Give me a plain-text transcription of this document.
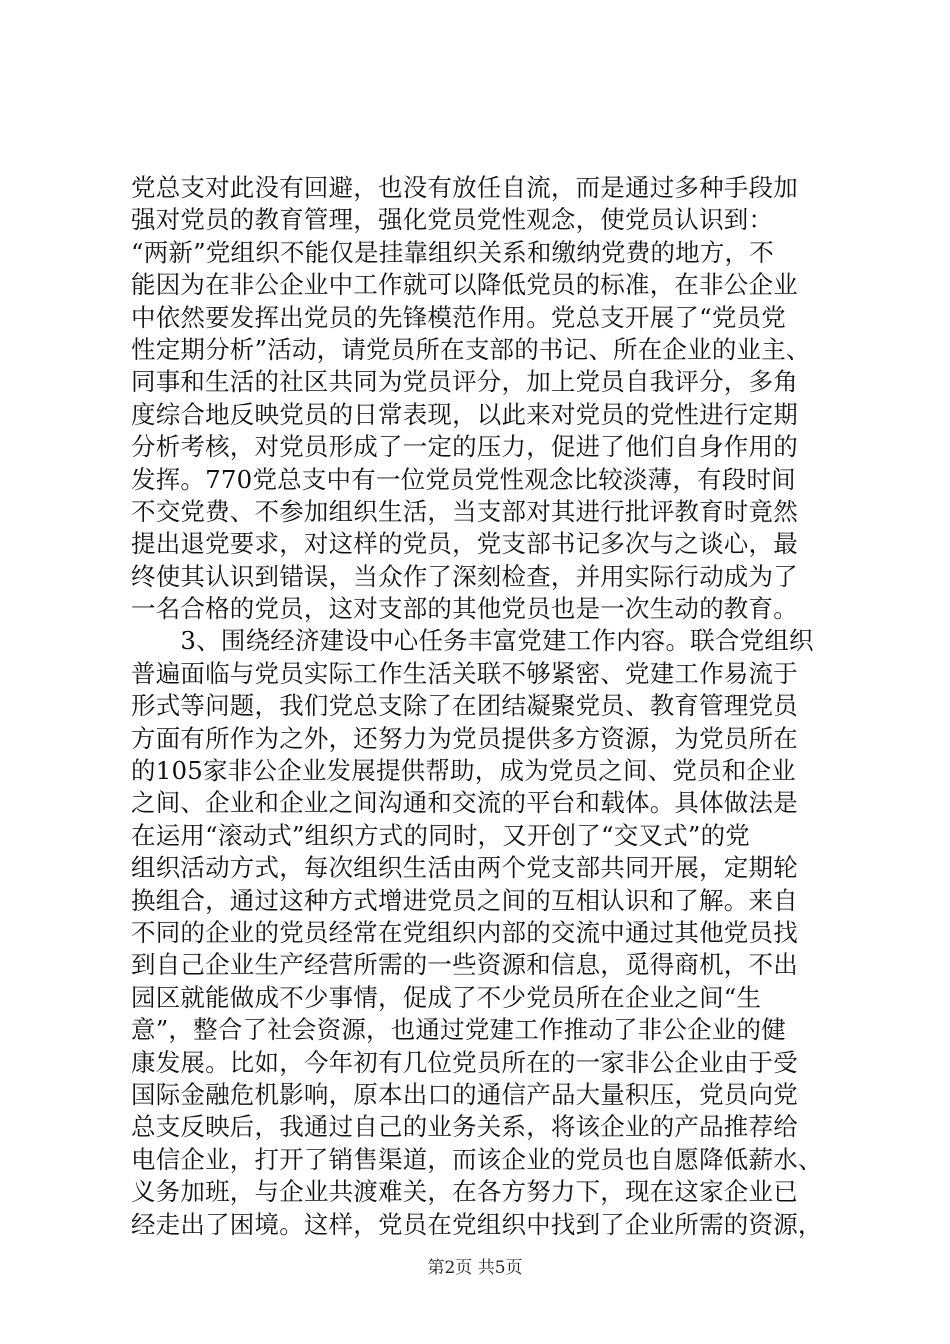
党总支对此没有回避，也没有放任自流，而是通过多种手段加
强对党员的教育管理，强化党员党性观念，使党员认识到：
“两新”党组织不能仅是挂靠组织关系和缴纳党费的地方，不
能因为在非公企业中工作就可以降低党员的标准，在非公企业
中依然要发挥出党员的先锋模范作用。党总支开展了“党员党
性定期分析”活动，请党员所在支部的书记、所在企业的业主、
同事和生活的社区共同为党员评分，加上党员自我评分，多角
度综合地反映党员的日常表现，以此来对党员的党性进行定期
分析考核，对党员形成了一定的压力，促进了他们自身作用的
发挥。770党总支中有一位党员党性观念比较淡薄，有段时间
不交党费、不参加组织生活，当支部对其进行批评教育时竟然
提出退党要求，对这样的党员，党支部书记多次与之谈心，最
终使其认识到错误，当众作了深刻检查，并用实际行动成为了
一名合格的党员，这对支部的其他党员也是一次生动的教育。
　　3、围绕经济建设中心任务丰富党建工作内容。联合党组织
普遍面临与党员实际工作生活关联不够紧密、党建工作易流于
形式等问题，我们党总支除了在团结凝聚党员、教育管理党员
方面有所作为之外，还努力为党员提供多方资源，为党员所在
的105家非公企业发展提供帮助，成为党员之间、党员和企业
之间、企业和企业之间沟通和交流的平台和载体。具体做法是
在运用“滚动式”组织方式的同时，又开创了“交叉式”的党
组织活动方式，每次组织生活由两个党支部共同开展，定期轮
换组合，通过这种方式增进党员之间的互相认识和了解。来自
不同的企业的党员经常在党组织内部的交流中通过其他党员找
到自己企业生产经营所需的一些资源和信息，觅得商机，不出
园区就能做成不少事情，促成了不少党员所在企业之间“生
意”，整合了社会资源，也通过党建工作推动了非公企业的健
康发展。比如，今年初有几位党员所在的一家非公企业由于受
国际金融危机影响，原本出口的通信产品大量积压，党员向党
总支反映后，我通过自己的业务关系，将该企业的产品推荐给
电信企业，打开了销售渠道，而该企业的党员也自愿降低薪水、
义务加班，与企业共渡难关，在各方努力下，现在这家企业已
经走出了困境。这样，党员在党组织中找到了企业所需的资源，
第2页 共5页
